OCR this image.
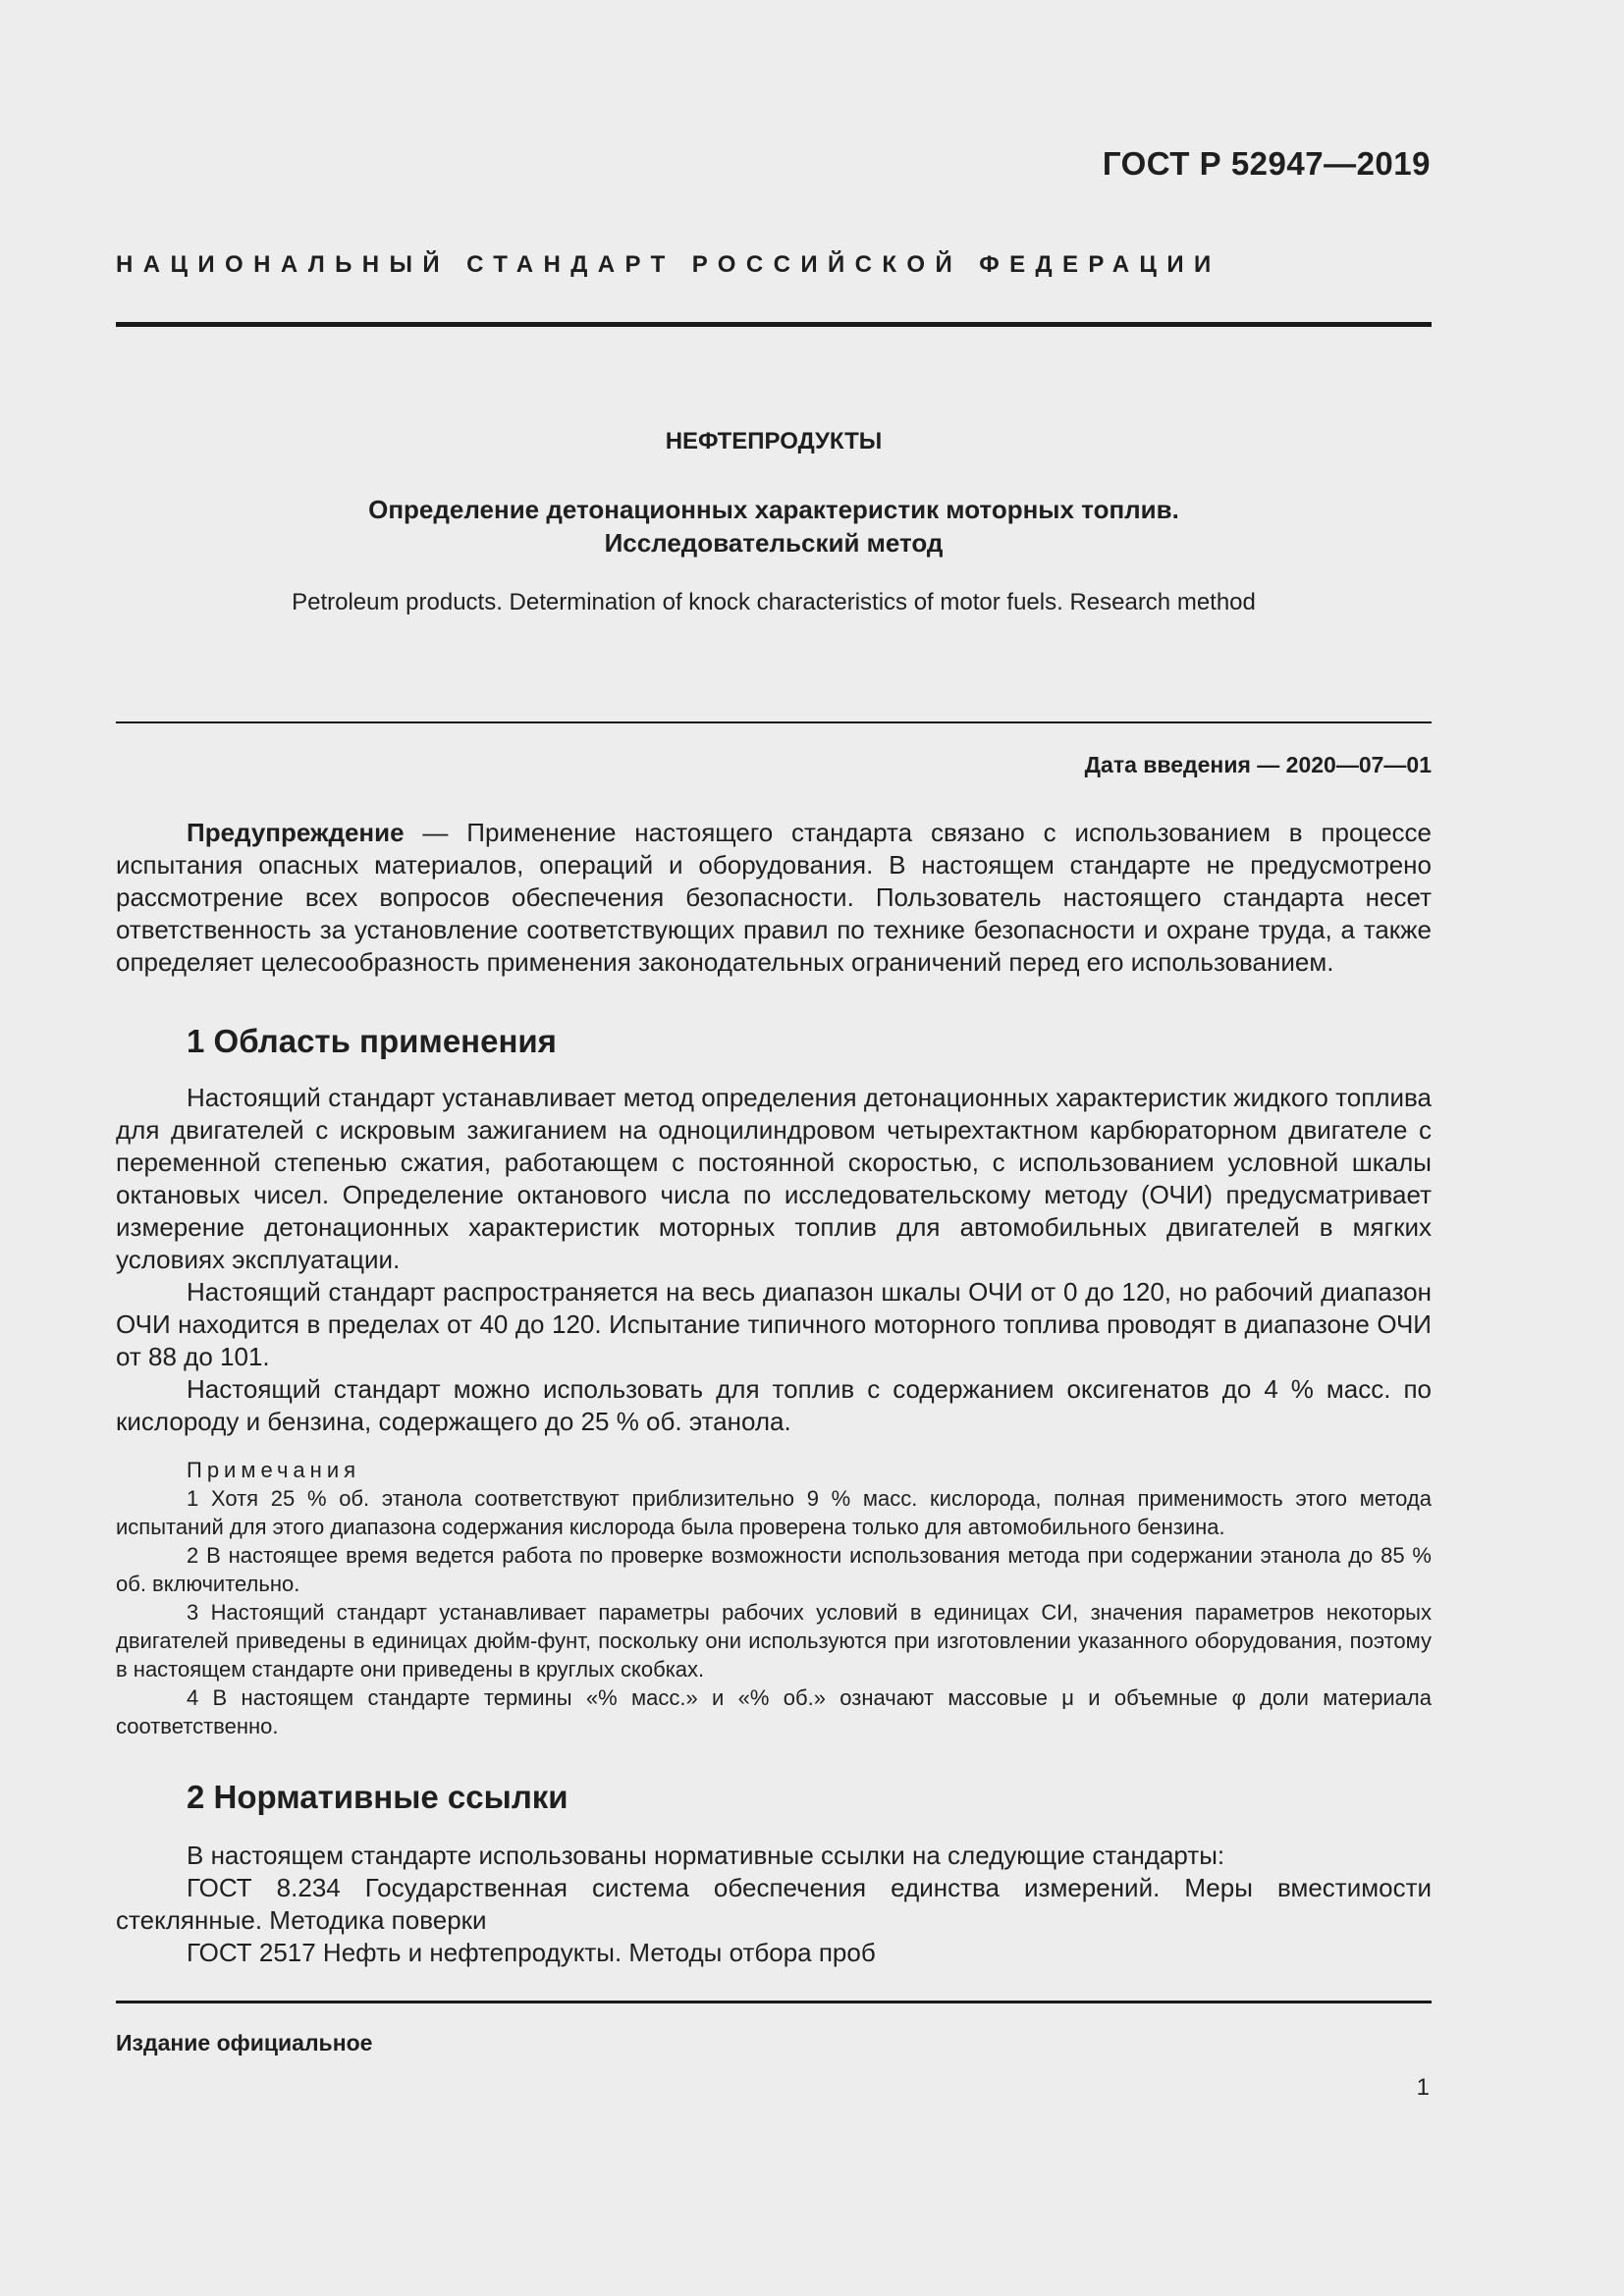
ГОСТ Р 52947—2019
НАЦИОНАЛЬНЫЙ СТАНДАРТ РОССИЙСКОЙ ФЕДЕРАЦИИ
НЕФТЕПРОДУКТЫ
Определение детонационных характеристик моторных топлив.
Исследовательский метод
Petroleum products. Determination of knock characteristics of motor fuels. Research method
Дата введения — 2020—07—01

Предупреждение — Применение настоящего стандарта связано с использованием в процессе испытания опасных материалов, операций и оборудования. В настоящем стандарте не предусмотрено рассмотрение всех вопросов обеспечения безопасности. Пользователь настоящего стандарта несет ответственность за установление соответствующих правил по технике безопасности и охране труда, а также определяет целесообразность применения законодательных ограничений перед его использованием.

1 Область применения

Настоящий стандарт устанавливает метод определения детонационных характеристик жидкого топлива для двигателей с искровым зажиганием на одноцилиндровом четырехтактном карбюраторном двигателе с переменной степенью сжатия, работающем с постоянной скоростью, с использованием условной шкалы октановых чисел. Определение октанового числа по исследовательскому методу (ОЧИ) предусматривает измерение детонационных характеристик моторных топлив для автомобильных двигателей в мягких условиях эксплуатации.

Настоящий стандарт распространяется на весь диапазон шкалы ОЧИ от 0 до 120, но рабочий диапазон ОЧИ находится в пределах от 40 до 120. Испытание типичного моторного топлива проводят в диапазоне ОЧИ от 88 до 101.

Настоящий стандарт можно использовать для топлив с содержанием оксигенатов до 4 % масс. по кислороду и бензина, содержащего до 25 % об. этанола.

Примечания

1 Хотя 25 % об. этанола соответствуют приблизительно 9 % масс. кислорода, полная применимость этого метода испытаний для этого диапазона содержания кислорода была проверена только для автомобильного бензина.

2 В настоящее время ведется работа по проверке возможности использования метода при содержании этанола до 85 % об. включительно.

3 Настоящий стандарт устанавливает параметры рабочих условий в единицах СИ, значения параметров некоторых двигателей приведены в единицах дюйм-фунт, поскольку они используются при изготовлении указанного оборудования, поэтому в настоящем стандарте они приведены в круглых скобках.

4 В настоящем стандарте термины «% масс.» и «% об.» означают массовые μ и объемные φ доли материала соответственно.

2 Нормативные ссылки

В настоящем стандарте использованы нормативные ссылки на следующие стандарты:

ГОСТ 8.234 Государственная система обеспечения единства измерений. Меры вместимости стеклянные. Методика поверки

ГОСТ 2517 Нефть и нефтепродукты. Методы отбора проб

Издание официальное
1
